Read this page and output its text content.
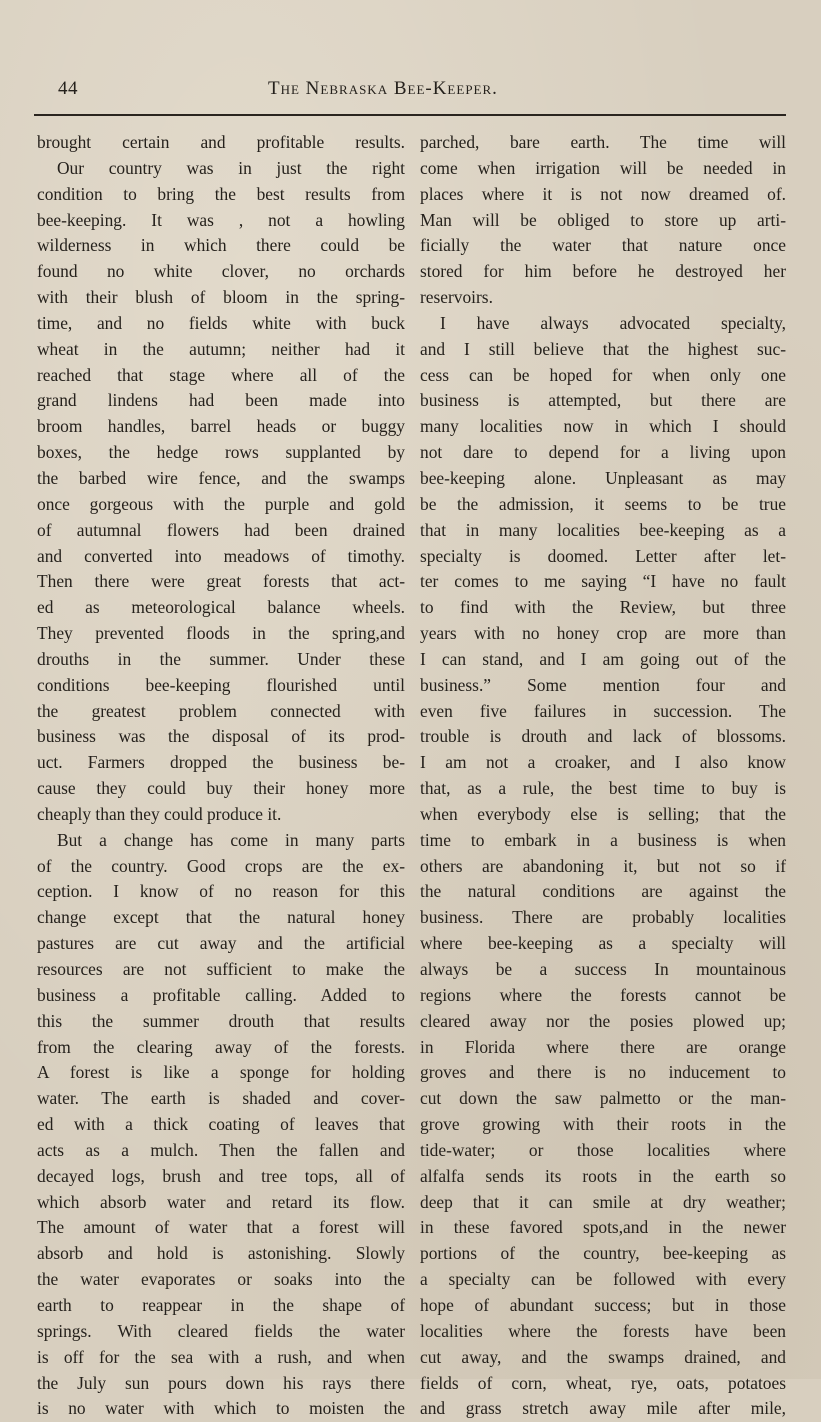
44	The Nebraska Bee-Keeper.
brought certain and profitable results.
Our country was in just the right
condition to bring the best results from
bee-keeping. It was , not a howling
wilderness in which there could be
found no white clover, no orchards
with their blush of bloom in the spring-
time, and no fields white with buck
wheat in the autumn; neither had it
reached that stage where all of the
grand lindens had been made into
broom handles, barrel heads or buggy
boxes, the hedge rows supplanted by
the barbed wire fence, and the swamps
once gorgeous with the purple and gold
of autumnal flowers had been drained
and converted into meadows of timothy.
Then there were great forests that act-
ed as meteorological balance wheels.
They prevented floods in the spring,and
drouths in the summer. Under these
conditions bee-keeping flourished until
the greatest problem connected with
business was the disposal of its prod-
uct. Farmers dropped the business be-
cause they could buy their honey more
cheaply than they could produce it.
But a change has come in many parts
of the country. Good crops are the ex-
ception. I know of no reason for this
change except that the natural honey
pastures are cut away and the artificial
resources are not sufficient to make the
business a profitable calling. Added to
this the summer drouth that results
from the clearing away of the forests.
A forest is like a sponge for holding
water. The earth is shaded and cover-
ed with a thick coating of leaves that
acts as a mulch. Then the fallen and
decayed logs, brush and tree tops, all of
which absorb water and retard its flow.
The amount of water that a forest will
absorb and hold is astonishing. Slowly
the water evaporates or soaks into the
earth to reappear in the shape of
springs. With cleared fields the water
is off for the sea with a rush, and when
the July sun pours down his rays there
is no water with which to moisten the
parched, bare earth. The time will
come when irrigation will be needed in
places where it is not now dreamed of.
Man will be obliged to store up arti-
ficially the water that nature once
stored for him before he destroyed her
reservoirs.
I have always advocated specialty,
and I still believe that the highest suc-
cess can be hoped for when only one
business is attempted, but there are
many localities now in which I should
not dare to depend for a living upon
bee-keeping alone. Unpleasant as may
be the admission, it seems to be true
that in many localities bee-keeping as a
specialty is doomed. Letter after let-
ter comes to me saying “I have no fault
to find with the Review, but three
years with no honey crop are more than
I can stand, and I am going out of the
business.” Some mention four and
even five failures in succession. The
trouble is drouth and lack of blossoms.
I am not a croaker, and I also know
that, as a rule, the best time to buy is
when everybody else is selling; that the
time to embark in a business is when
others are abandoning it, but not so if
the natural conditions are against the
business. There are probably localities
where bee-keeping as a specialty will
always be a success In mountainous
regions where the forests cannot be
cleared away nor the posies plowed up;
in Florida where there are orange
groves and there is no inducement to
cut down the saw palmetto or the man-
grove growing with their roots in the
tide-water; or those localities where
alfalfa sends its roots in the earth so
deep that it can smile at dry weather;
in these favored spots,and in the newer
portions of the country, bee-keeping as
a specialty can be followed with every
hope of abundant success; but in those
localities where the forests have been
cut away, and the swamps drained, and
fields of corn, wheat, rye, oats, potatoes
and grass stretch away mile after mile,
